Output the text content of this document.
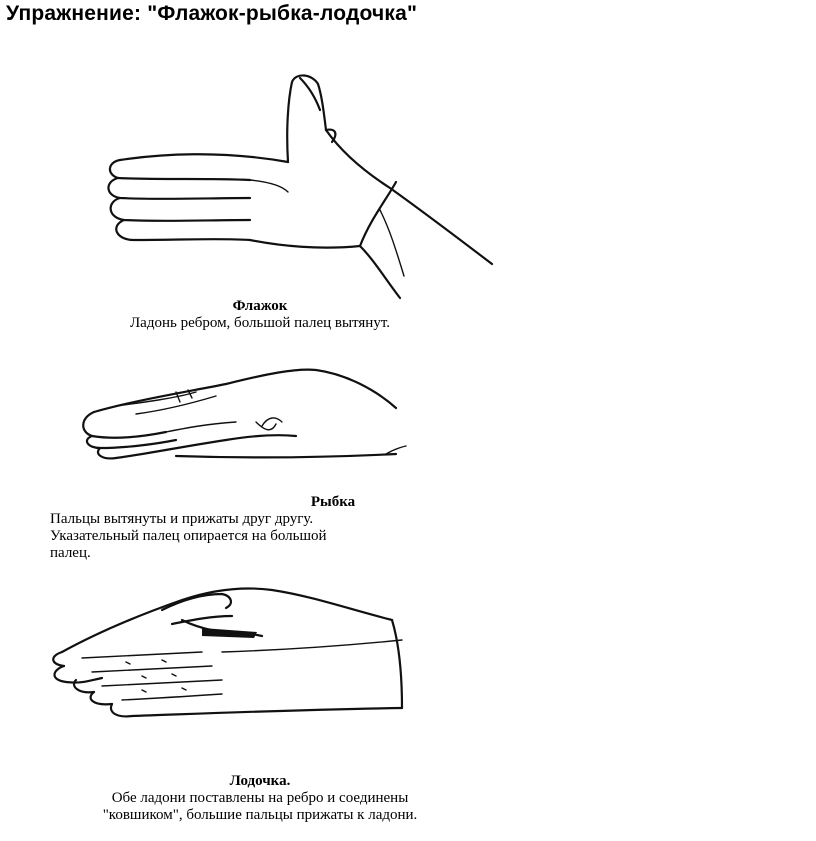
Упражнение: "Флажок-рыбка-лодочка"
Флажок
Ладонь ребром, большой палец вытянут.
Рыбка
Пальцы вытянуты и прижаты друг другу.
Указательный палец опирается на большой
палец.
Лодочка.
Обе ладони поставлены на ребро и соединены
"ковшиком", большие пальцы прижаты к ладони.
